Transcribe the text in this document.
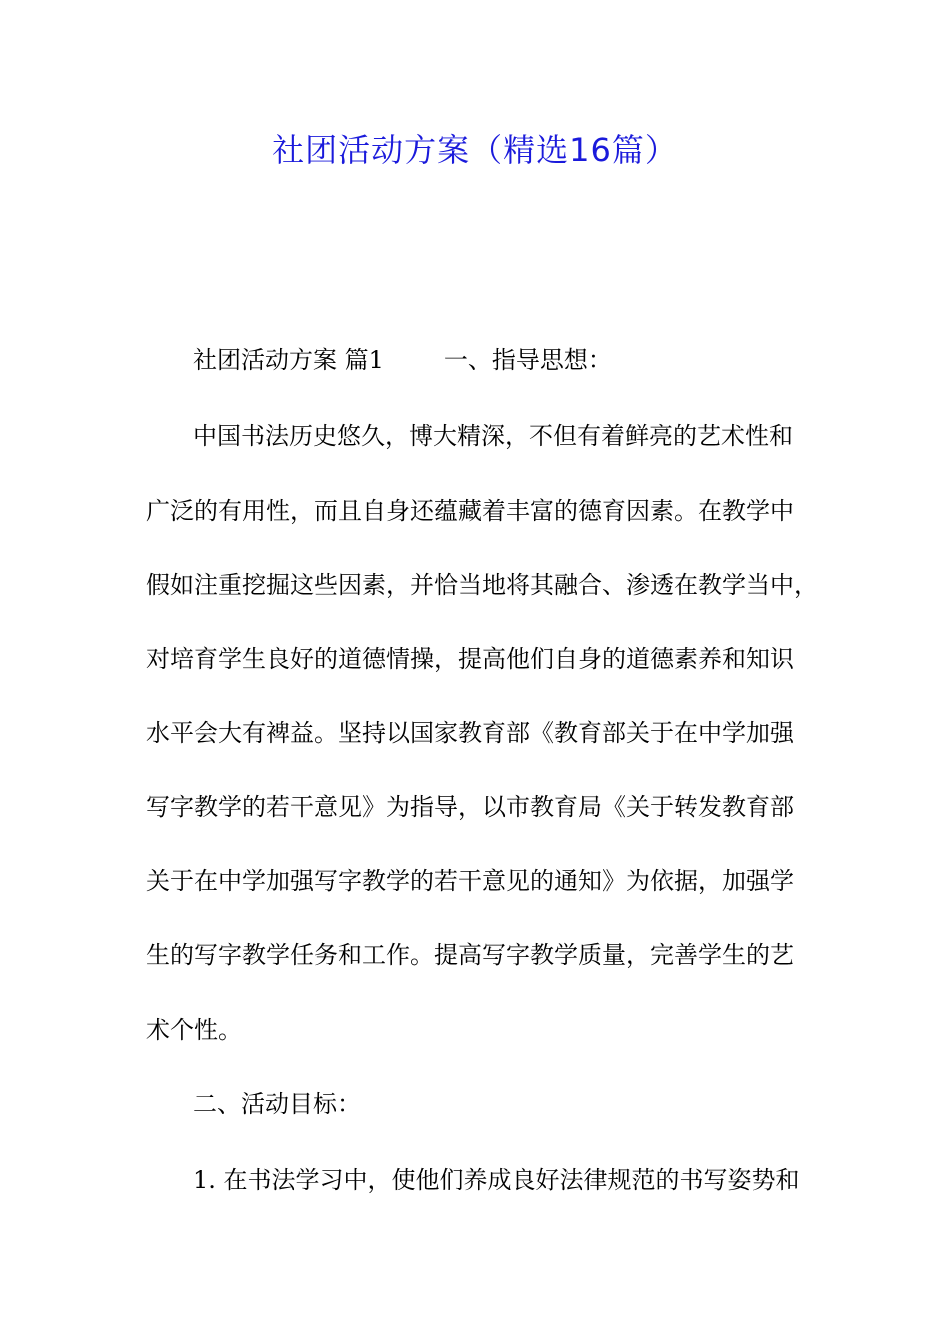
社团活动方案（精选16篇）
社团活动方案 篇1	一、指导思想：
中国书法历史悠久，博大精深，不但有着鲜亮的艺术性和
广泛的有用性，而且自身还蕴藏着丰富的德育因素。在教学中
假如注重挖掘这些因素，并恰当地将其融合、渗透在教学当中，
对培育学生良好的道德情操，提高他们自身的道德素养和知识
水平会大有裨益。坚持以国家教育部《教育部关于在中学加强
写字教学的若干意见》为指导，以市教育局《关于转发教育部
关于在中学加强写字教学的若干意见的通知》为依据，加强学
生的写字教学任务和工作。提高写字教学质量，完善学生的艺
术个性。
二、活动目标：
1. 在书法学习中，使他们养成良好法律规范的书写姿势和
